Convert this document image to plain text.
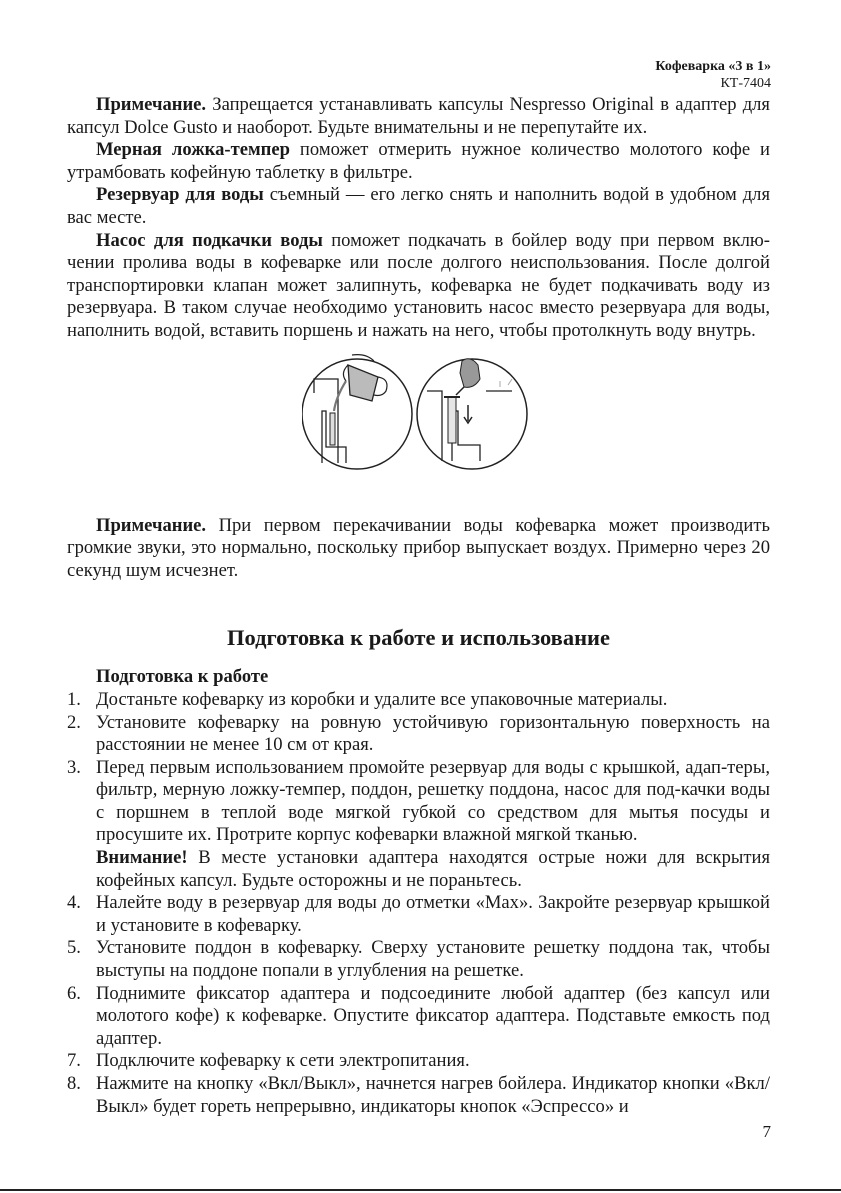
Кофеварка «3 в 1»
КТ-7404

Примечание. Запрещается устанавливать капсулы Nespresso Original в адаптер для капсул Dolce Gusto и наоборот. Будьте внимательны и не перепутайте их.

Мерная ложка-темпер поможет отмерить нужное количество молотого кофе и утрамбовать кофейную таблетку в фильтре.

Резервуар для воды съемный — его легко снять и наполнить водой в удобном для вас месте.

Насос для подкачки воды поможет подкачать в бойлер воду при первом вклю-чении пролива воды в кофеварке или после долгого неиспользования. После долгой транспортировки клапан может залипнуть, кофеварка не будет подкачивать воду из резервуара. В таком случае необходимо установить насос вместо резервуара для воды, наполнить водой, вставить поршень и нажать на него, чтобы протолкнуть воду внутрь.

Примечание. При первом перекачивании воды кофеварка может производить громкие звуки, это нормально, поскольку прибор выпускает воздух. Примерно через 20 секунд шум исчезнет.

Подготовка к работе и использование
Подготовка к работе
1. Достаньте кофеварку из коробки и удалите все упаковочные материалы.
2. Установите кофеварку на ровную устойчивую горизонтальную поверхность на расстоянии не менее 10 см от края.
3. Перед первым использованием промойте резервуар для воды с крышкой, адап-теры, фильтр, мерную ложку-темпер, поддон, решетку поддона, насос для под-качки воды с поршнем в теплой воде мягкой губкой со средством для мытья посуды и просушите их. Протрите корпус кофеварки влажной мягкой тканью.
Внимание! В месте установки адаптера находятся острые ножи для вскрытия кофейных капсул. Будьте осторожны и не пораньтесь.
4. Налейте воду в резервуар для воды до отметки «Max». Закройте резервуар крышкой и установите в кофеварку.
5. Установите поддон в кофеварку. Сверху установите решетку поддона так, чтобы выступы на поддоне попали в углубления на решетке.
6. Поднимите фиксатор адаптера и подсоедините любой адаптер (без капсул или молотого кофе) к кофеварке. Опустите фиксатор адаптера. Подставьте емкость под адаптер.
7. Подключите кофеварку к сети электропитания.
8. Нажмите на кнопку «Вкл/Выкл», начнется нагрев бойлера. Индикатор кнопки «Вкл/Выкл» будет гореть непрерывно, индикаторы кнопок «Эспрессо» и
7
